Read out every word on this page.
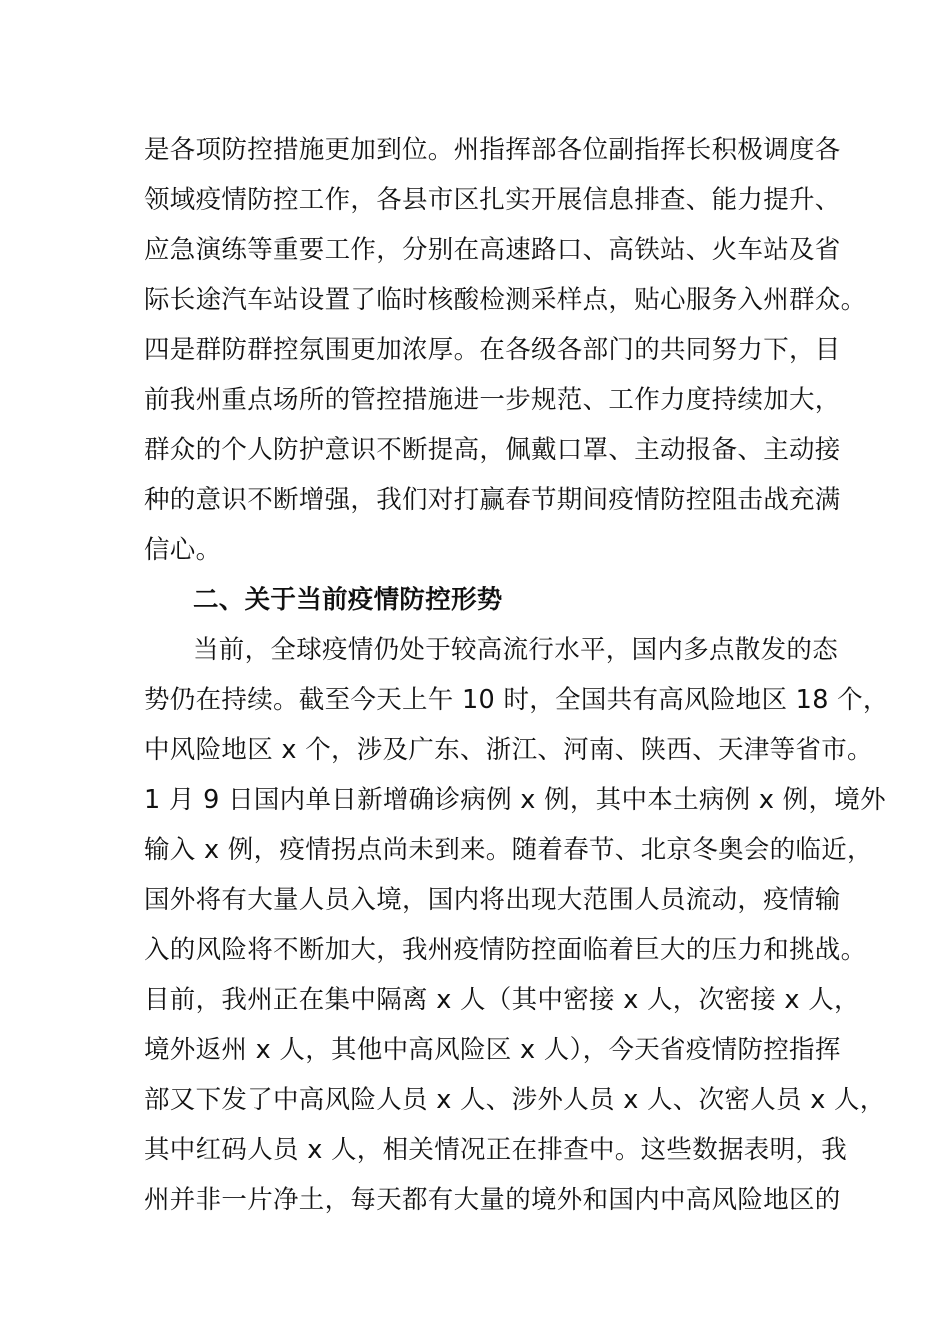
是各项防控措施更加到位。州指挥部各位副指挥长积极调度各
领域疫情防控工作，各县市区扎实开展信息排查、能力提升、
应急演练等重要工作，分别在高速路口、高铁站、火车站及省
际长途汽车站设置了临时核酸检测采样点，贴心服务入州群众。
四是群防群控氛围更加浓厚。在各级各部门的共同努力下，目
前我州重点场所的管控措施进一步规范、工作力度持续加大，
群众的个人防护意识不断提高，佩戴口罩、主动报备、主动接
种的意识不断增强，我们对打赢春节期间疫情防控阻击战充满
信心。
二、关于当前疫情防控形势
当前，全球疫情仍处于较高流行水平，国内多点散发的态
势仍在持续。截至今天上午 10 时，全国共有高风险地区 18 个，
中风险地区 x 个，涉及广东、浙江、河南、陕西、天津等省市。
1 月 9 日国内单日新增确诊病例 x 例，其中本土病例 x 例，境外
输入 x 例，疫情拐点尚未到来。随着春节、北京冬奥会的临近，
国外将有大量人员入境，国内将出现大范围人员流动，疫情输
入的风险将不断加大，我州疫情防控面临着巨大的压力和挑战。
目前，我州正在集中隔离 x 人（其中密接 x 人，次密接 x 人，
境外返州 x 人，其他中高风险区 x 人），今天省疫情防控指挥
部又下发了中高风险人员 x 人、涉外人员 x 人、次密人员 x 人，
其中红码人员 x 人，相关情况正在排查中。这些数据表明，我
州并非一片净土，每天都有大量的境外和国内中高风险地区的
